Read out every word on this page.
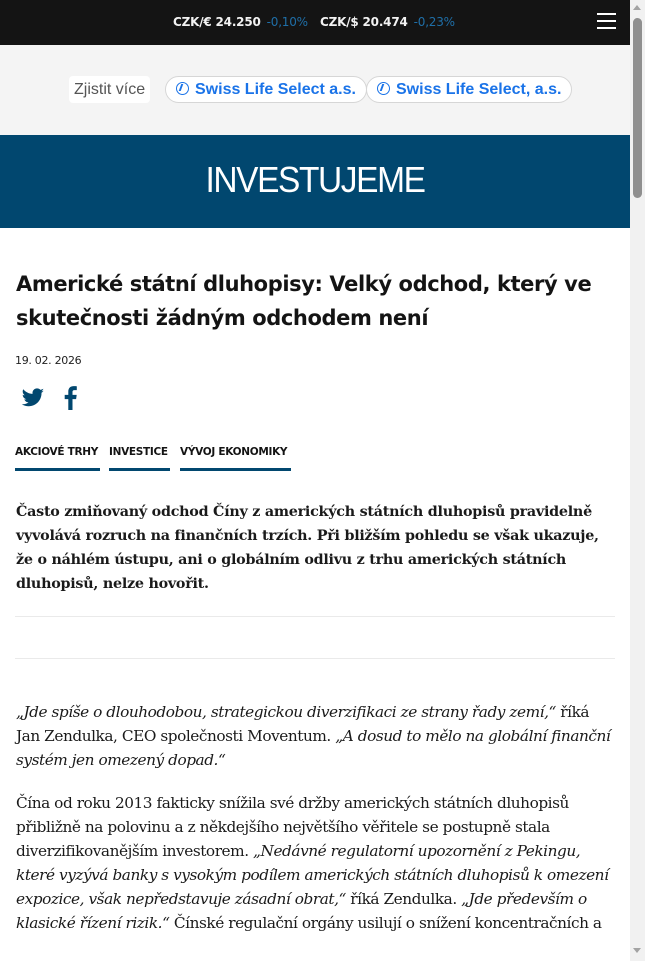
CZK/€ 24.250 -0,10% CZK/$ 20.474 -0,23%
Zjistit více	Swiss Life Select a.s.	Swiss Life Select, a.s.
INVESTUJEME
Americké státní dluhopisy: Velký odchod, který ve skutečnosti žádným odchodem není
19. 02. 2026
AKCIOVÉ TRHY INVESTICE VÝVOJ EKONOMIKY

Často zmiňovaný odchod Číny z amerických státních dluhopisů pravidelně vyvolává rozruch na finančních trzích. Při bližším pohledu se však ukazuje, že o náhlém ústupu, ani o globálním odlivu z trhu amerických státních dluhopisů, nelze hovořit.

„Jde spíše o dlouhodobou, strategickou diverzifikaci ze strany řady zemí,“ říká Jan Zendulka, CEO společnosti Moventum. „A dosud to mělo na globální finanční systém jen omezený dopad.“

Čína od roku 2013 fakticky snížila své držby amerických státních dluhopisů přibližně na polovinu a z někdejšího největšího věřitele se postupně stala diverzifikovanějším investorem. „Nedávné regulatorní upozornění z Pekingu, které vyzývá banky s vysokým podílem amerických státních dluhopisů k omezení expozice, však nepředstavuje zásadní obrat,“ říká Zendulka. „Jde především o klasické řízení rizik.“ Čínské regulační orgány usilují o snížení koncentračních a
